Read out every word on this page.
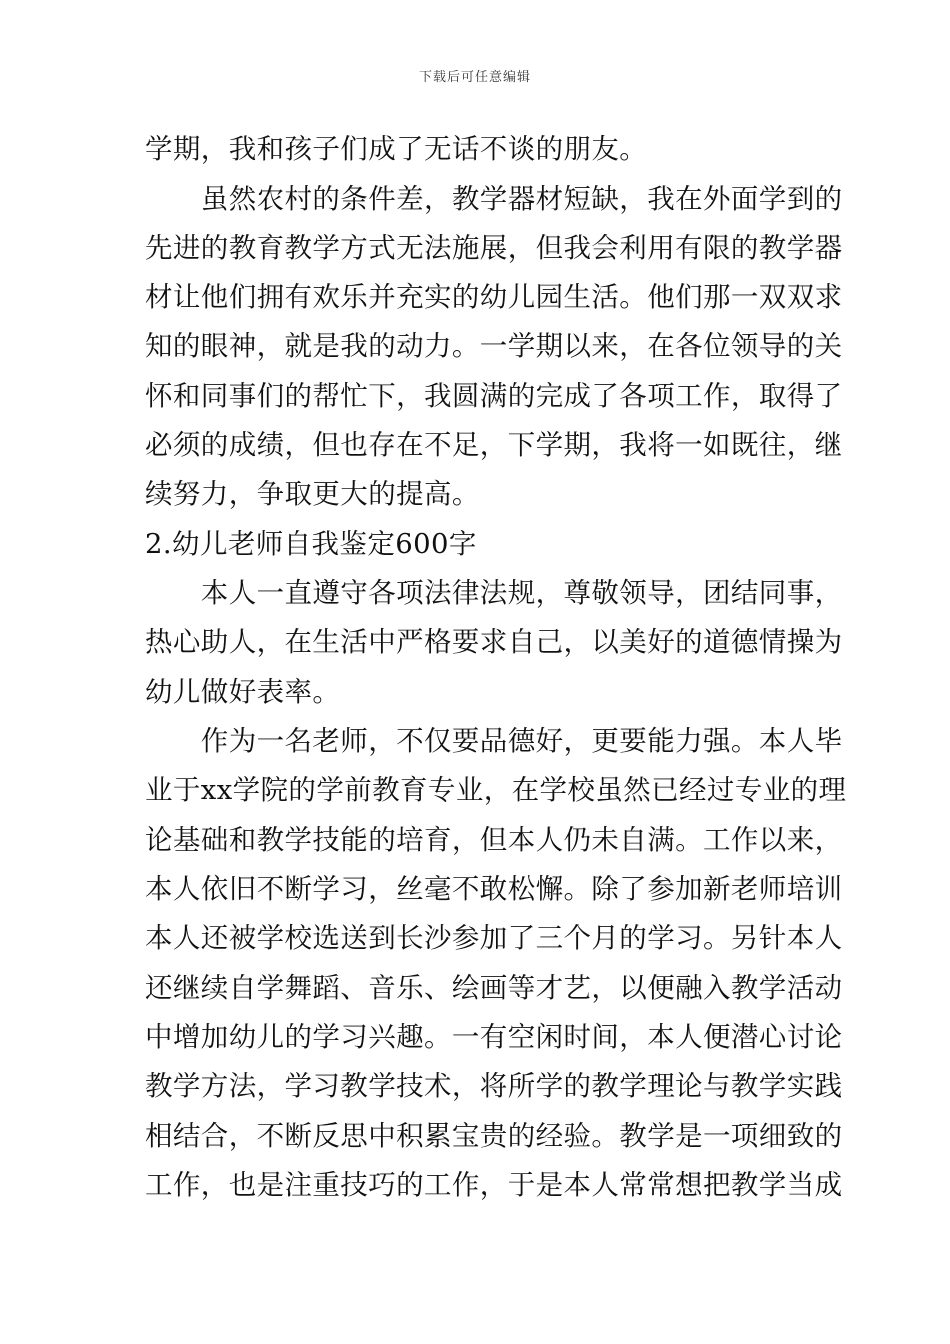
下载后可任意编辑
学期，我和孩子们成了无话不谈的朋友。
　　虽然农村的条件差，教学器材短缺，我在外面学到的
先进的教育教学方式无法施展，但我会利用有限的教学器
材让他们拥有欢乐并充实的幼儿园生活。他们那一双双求
知的眼神，就是我的动力。一学期以来，在各位领导的关
怀和同事们的帮忙下，我圆满的完成了各项工作，取得了
必须的成绩，但也存在不足，下学期，我将一如既往，继
续努力，争取更大的提高。
2.幼儿老师自我鉴定600字
　　本人一直遵守各项法律法规，尊敬领导，团结同事，
热心助人，在生活中严格要求自己，以美好的道德情操为
幼儿做好表率。
　　作为一名老师，不仅要品德好，更要能力强。本人毕
业于xx学院的学前教育专业，在学校虽然已经过专业的理
论基础和教学技能的培育，但本人仍未自满。工作以来，
本人依旧不断学习，丝毫不敢松懈。除了参加新老师培训
本人还被学校选送到长沙参加了三个月的学习。另针本人
还继续自学舞蹈、音乐、绘画等才艺，以便融入教学活动
中增加幼儿的学习兴趣。一有空闲时间，本人便潜心讨论
教学方法，学习教学技术，将所学的教学理论与教学实践
相结合，不断反思中积累宝贵的经验。教学是一项细致的
工作，也是注重技巧的工作，于是本人常常想把教学当成
